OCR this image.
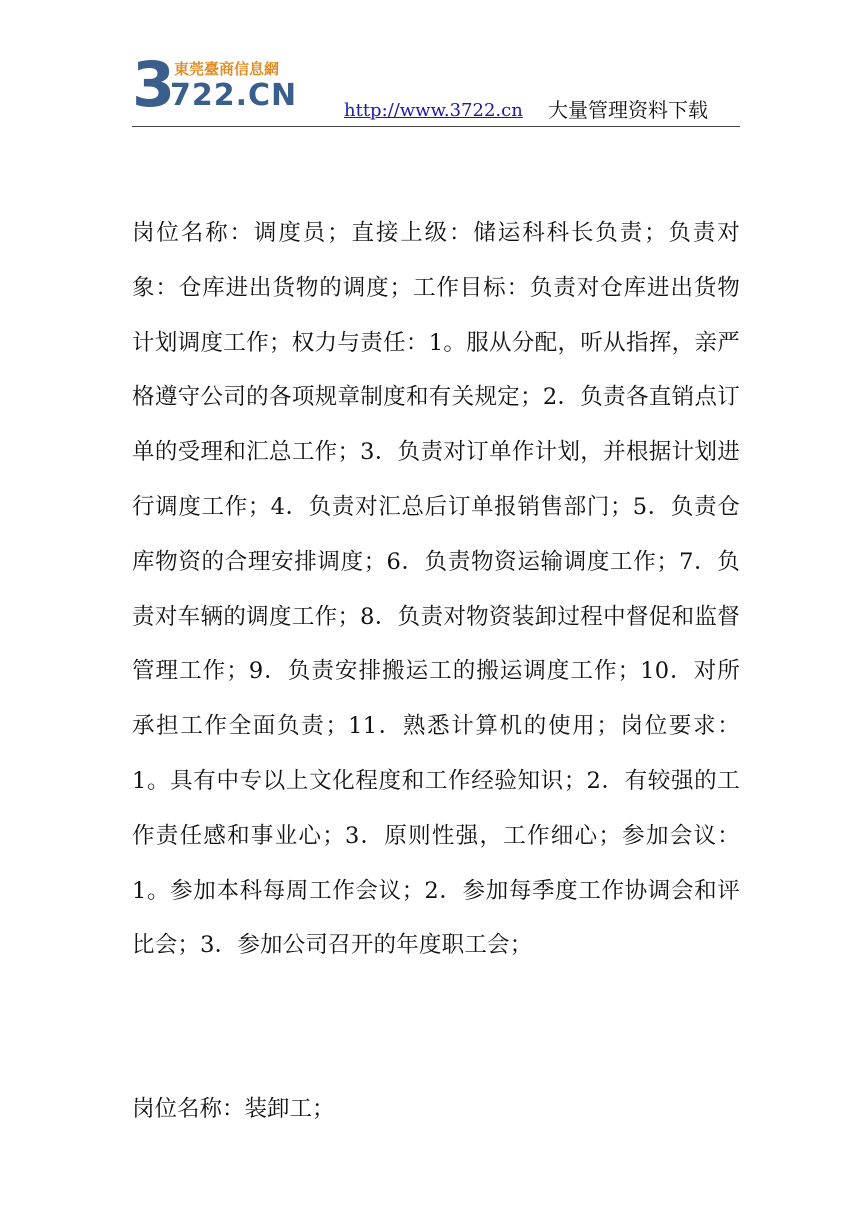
3
722.CN
東莞臺商信息網
http://www.3722.cn 大量管理资料下载

岗位名称：调度员；直接上级：储运科科长负责；负责对象：仓库进出货物的调度；工作目标：负责对仓库进出货物计划调度工作；权力与责任：1。服从分配，听从指挥，亲严格遵守公司的各项规章制度和有关规定；2．负责各直销点订单的受理和汇总工作；3．负责对订单作计划，并根据计划进行调度工作；4．负责对汇总后订单报销售部门；5．负责仓库物资的合理安排调度；6．负责物资运输调度工作；7．负责对车辆的调度工作；8．负责对物资装卸过程中督促和监督管理工作；9．负责安排搬运工的搬运调度工作；10．对所承担工作全面负责；11．熟悉计算机的使用；岗位要求：1。具有中专以上文化程度和工作经验知识；2．有较强的工作责任感和事业心；3．原则性强，工作细心；参加会议：1。参加本科每周工作会议；2．参加每季度工作协调会和评比会；3．参加公司召开的年度职工会；

岗位名称：装卸工；
